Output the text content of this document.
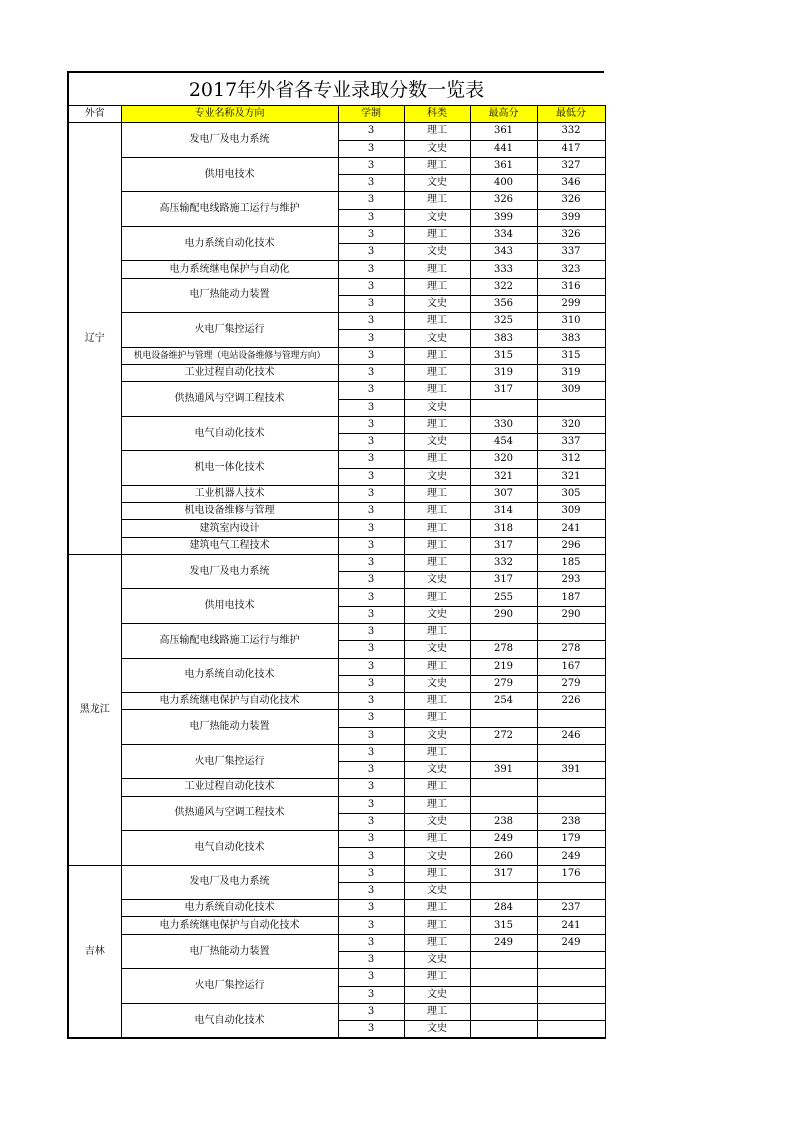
2017年外省各专业录取分数一览表
外省	专业名称及方向	学制	科类	最高分	最低分
辽宁	发电厂及电力系统	3	理工	361	332
		3	文史	441	417
	供用电技术	3	理工	361	327
		3	文史	400	346
	高压输配电线路施工运行与维护	3	理工	326	326
		3	文史	399	399
	电力系统自动化技术	3	理工	334	326
		3	文史	343	337
	电力系统继电保护与自动化	3	理工	333	323
	电厂热能动力装置	3	理工	322	316
		3	文史	356	299
	火电厂集控运行	3	理工	325	310
		3	文史	383	383
	机电设备维护与管理（电站设备维修与管理方向）	3	理工	315	315
	工业过程自动化技术	3	理工	319	319
	供热通风与空调工程技术	3	理工	317	309
		3	文史		
	电气自动化技术	3	理工	330	320
		3	文史	454	337
	机电一体化技术	3	理工	320	312
		3	文史	321	321
	工业机器人技术	3	理工	307	305
	机电设备维修与管理	3	理工	314	309
	建筑室内设计	3	理工	318	241
	建筑电气工程技术	3	理工	317	296
黑龙江	发电厂及电力系统	3	理工	332	185
		3	文史	317	293
	供用电技术	3	理工	255	187
		3	文史	290	290
	高压输配电线路施工运行与维护	3	理工		
		3	文史	278	278
	电力系统自动化技术	3	理工	219	167
		3	文史	279	279
	电力系统继电保护与自动化技术	3	理工	254	226
	电厂热能动力装置	3	理工		
		3	文史	272	246
	火电厂集控运行	3	理工		
		3	文史	391	391
	工业过程自动化技术	3	理工		
	供热通风与空调工程技术	3	理工		
		3	文史	238	238
	电气自动化技术	3	理工	249	179
		3	文史	260	249
吉林	发电厂及电力系统	3	理工	317	176
		3	文史		
	电力系统自动化技术	3	理工	284	237
	电力系统继电保护与自动化技术	3	理工	315	241
	电厂热能动力装置	3	理工	249	249
		3	文史		
	火电厂集控运行	3	理工		
		3	文史		
	电气自动化技术	3	理工		
		3	文史		
